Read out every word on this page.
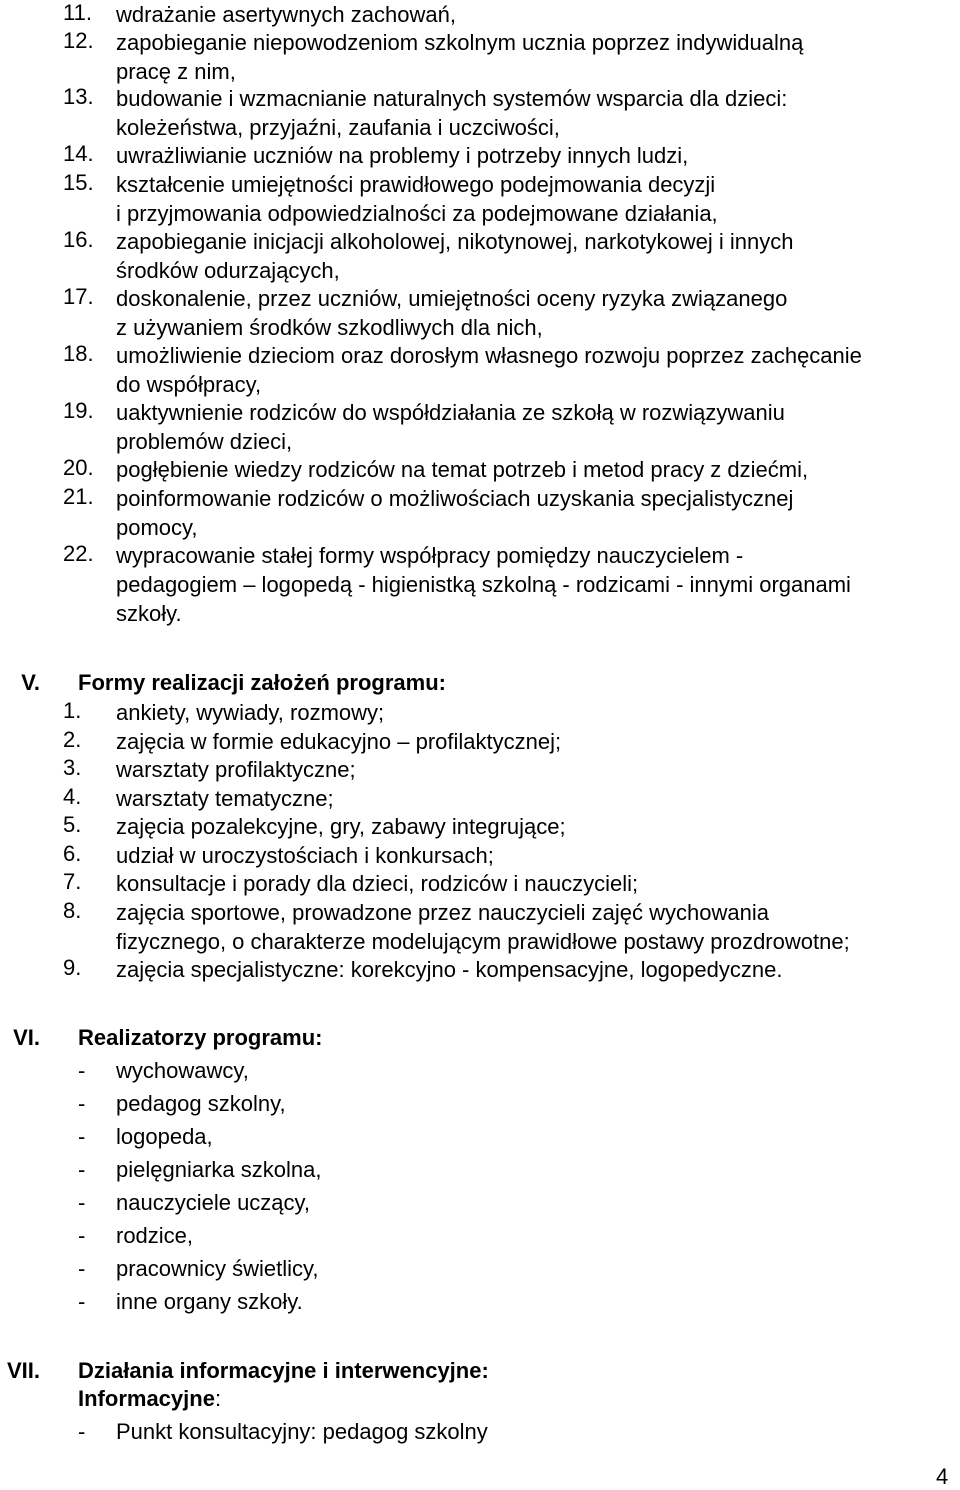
11. wdrażanie asertywnych zachowań,
12. zapobieganie niepowodzeniom szkolnym ucznia poprzez indywidualną
pracę z nim,
13. budowanie i wzmacnianie naturalnych systemów wsparcia dla dzieci:
koleżeństwa, przyjaźni, zaufania i uczciwości,
14. uwrażliwianie uczniów na problemy i potrzeby innych ludzi,
15. kształcenie umiejętności prawidłowego podejmowania decyzji
i przyjmowania odpowiedzialności za podejmowane działania,
16. zapobieganie inicjacji alkoholowej, nikotynowej, narkotykowej i innych
środków odurzających,
17. doskonalenie, przez uczniów, umiejętności oceny ryzyka związanego
z używaniem środków szkodliwych dla nich,
18. umożliwienie dzieciom oraz dorosłym własnego rozwoju poprzez zachęcanie
do współpracy,
19. uaktywnienie rodziców do współdziałania ze szkołą w rozwiązywaniu
problemów dzieci,
20. pogłębienie wiedzy rodziców na temat potrzeb i metod pracy z dziećmi,
21. poinformowanie rodziców o możliwościach uzyskania specjalistycznej
pomocy,
22. wypracowanie stałej formy współpracy pomiędzy nauczycielem -
pedagogiem – logopedą - higienistką szkolną - rodzicami - innymi organami
szkoły.
V. Formy realizacji założeń programu:
1. ankiety, wywiady, rozmowy;
2. zajęcia w formie edukacyjno – profilaktycznej;
3. warsztaty profilaktyczne;
4. warsztaty tematyczne;
5. zajęcia pozalekcyjne, gry, zabawy integrujące;
6. udział w uroczystościach i konkursach;
7. konsultacje i porady dla dzieci, rodziców i nauczycieli;
8. zajęcia sportowe, prowadzone przez nauczycieli zajęć wychowania
fizycznego, o charakterze modelującym prawidłowe postawy prozdrowotne;
9. zajęcia specjalistyczne: korekcyjno - kompensacyjne, logopedyczne.
VI. Realizatorzy programu:
- wychowawcy,
- pedagog szkolny,
- logopeda,
- pielęgniarka szkolna,
- nauczyciele uczący,
- rodzice,
- pracownicy świetlicy,
- inne organy szkoły.
VII. Działania informacyjne i interwencyjne:
Informacyjne:
- Punkt konsultacyjny: pedagog szkolny
4
